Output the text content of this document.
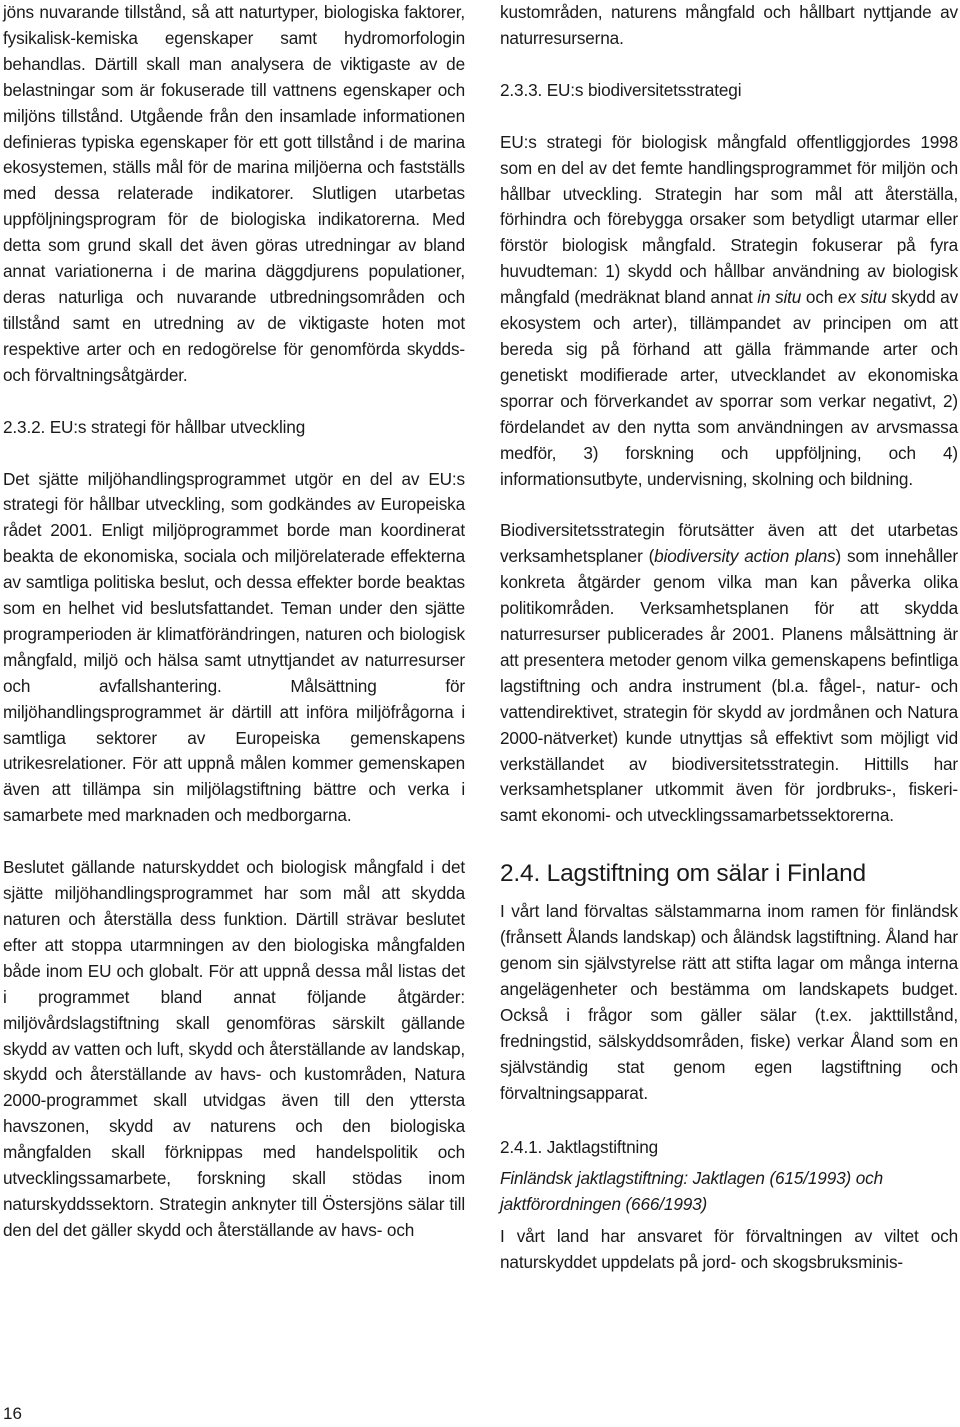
jöns nuvarande tillstånd, så att naturtyper, biologiska faktorer, fysikalisk-kemiska egenskaper samt hydromorfologin behandlas. Därtill skall man analysera de viktigaste av de belastningar som är fokuserade till vattnens egenskaper och miljöns tillstånd. Utgående från den insamlade informationen definieras typiska egenskaper för ett gott tillstånd i de marina ekosystemen, ställs mål för de marina miljöerna och fastställs med dessa relaterade indikatorer. Slutligen utarbetas uppföljningsprogram för de biologiska indikatorerna. Med detta som grund skall det även göras utredningar av bland annat variationerna i de marina däggdjurens populationer, deras naturliga och nuvarande utbredningsområden och tillstånd samt en utredning av de viktigaste hoten mot respektive arter och en redogörelse för genomförda skydds- och förvaltningsåtgärder.

2.3.2. EU:s strategi för hållbar utveckling

Det sjätte miljöhandlingsprogrammet utgör en del av EU:s strategi för hållbar utveckling, som godkändes av Europeiska rådet 2001. Enligt miljöprogrammet borde man koordinerat beakta de ekonomiska, sociala och miljörelaterade effekterna av samtliga politiska beslut, och dessa effekter borde beaktas som en helhet vid beslutsfattandet. Teman under den sjätte programperioden är klimatförändringen, naturen och biologisk mångfald, miljö och hälsa samt utnyttjandet av naturresurser och avfallshantering. Målsättning för miljöhandlingsprogrammet är därtill att införa miljöfrågorna i samtliga sektorer av Europeiska gemenskapens utrikesrelationer. För att uppnå målen kommer gemenskapen även att tillämpa sin miljölagstiftning bättre och verka i samarbete med marknaden och medborgarna.

Beslutet gällande naturskyddet och biologisk mångfald i det sjätte miljöhandlingsprogrammet har som mål att skydda naturen och återställa dess funktion. Därtill strävar beslutet efter att stoppa utarmningen av den biologiska mångfalden både inom EU och globalt. För att uppnå dessa mål listas det i programmet bland annat följande åtgärder: miljövårdslagstiftning skall genomföras särskilt gällande skydd av vatten och luft, skydd och återställande av landskap, skydd och återställande av havs- och kustområden, Natura 2000-programmet skall utvidgas även till den yttersta havszonen, skydd av naturens och den biologiska mångfalden skall förknippas med handelspolitik och utvecklingssamarbete, forskning skall stödas inom naturskyddssektorn. Strategin anknyter till Östersjöns sälar till den del det gäller skydd och återställande av havs- och

kustområden, naturens mångfald och hållbart nyttjande av naturresurserna.

2.3.3. EU:s biodiversitetsstrategi

EU:s strategi för biologisk mångfald offentliggjordes 1998 som en del av det femte handlingsprogrammet för miljön och hållbar utveckling. Strategin har som mål att återställa, förhindra och förebygga orsaker som betydligt utarmar eller förstör biologisk mångfald. Strategin fokuserar på fyra huvudteman: 1) skydd och hållbar användning av biologisk mångfald (medräknat bland annat in situ och ex situ skydd av ekosystem och arter), tillämpandet av principen om att bereda sig på förhand att gälla främmande arter och genetiskt modifierade arter, utvecklandet av ekonomiska sporrar och förverkandet av sporrar som verkar negativt, 2) fördelandet av den nytta som användningen av arvsmassa medför, 3) forskning och uppföljning, och 4) informationsutbyte, undervisning, skolning och bildning.

Biodiversitetsstrategin förutsätter även att det utarbetas verksamhetsplaner (biodiversity action plans) som innehåller konkreta åtgärder genom vilka man kan påverka olika politikområden. Verksamhetsplanen för att skydda naturresurser publicerades år 2001. Planens målsättning är att presentera metoder genom vilka gemenskapens befintliga lagstiftning och andra instrument (bl.a. fågel-, natur- och vattendirektivet, strategin för skydd av jordmånen och Natura 2000-nätverket) kunde utnyttjas så effektivt som möjligt vid verkställandet av biodiversitetsstrategin. Hittills har verksamhetsplaner utkommit även för jordbruks-, fiskeri- samt ekonomi- och utvecklingssamarbetssektorerna.

2.4. Lagstiftning om sälar i Finland

I vårt land förvaltas sälstammarna inom ramen för finländsk (frånsett Ålands landskap) och åländsk lagstiftning. Åland har genom sin självstyrelse rätt att stifta lagar om många interna angelägenheter och bestämma om landskapets budget. Också i frågor som gäller sälar (t.ex. jakttillstånd, fredningstid, sälskyddsområden, fiske) verkar Åland som en självständig stat genom egen lagstiftning och förvaltningsapparat.

2.4.1. Jaktlagstiftning

Finländsk jaktlagstiftning: Jaktlagen (615/1993) och jaktförordningen (666/1993)

I vårt land har ansvaret för förvaltningen av viltet och naturskyddet uppdelats på jord- och skogsbruksminis-

16
